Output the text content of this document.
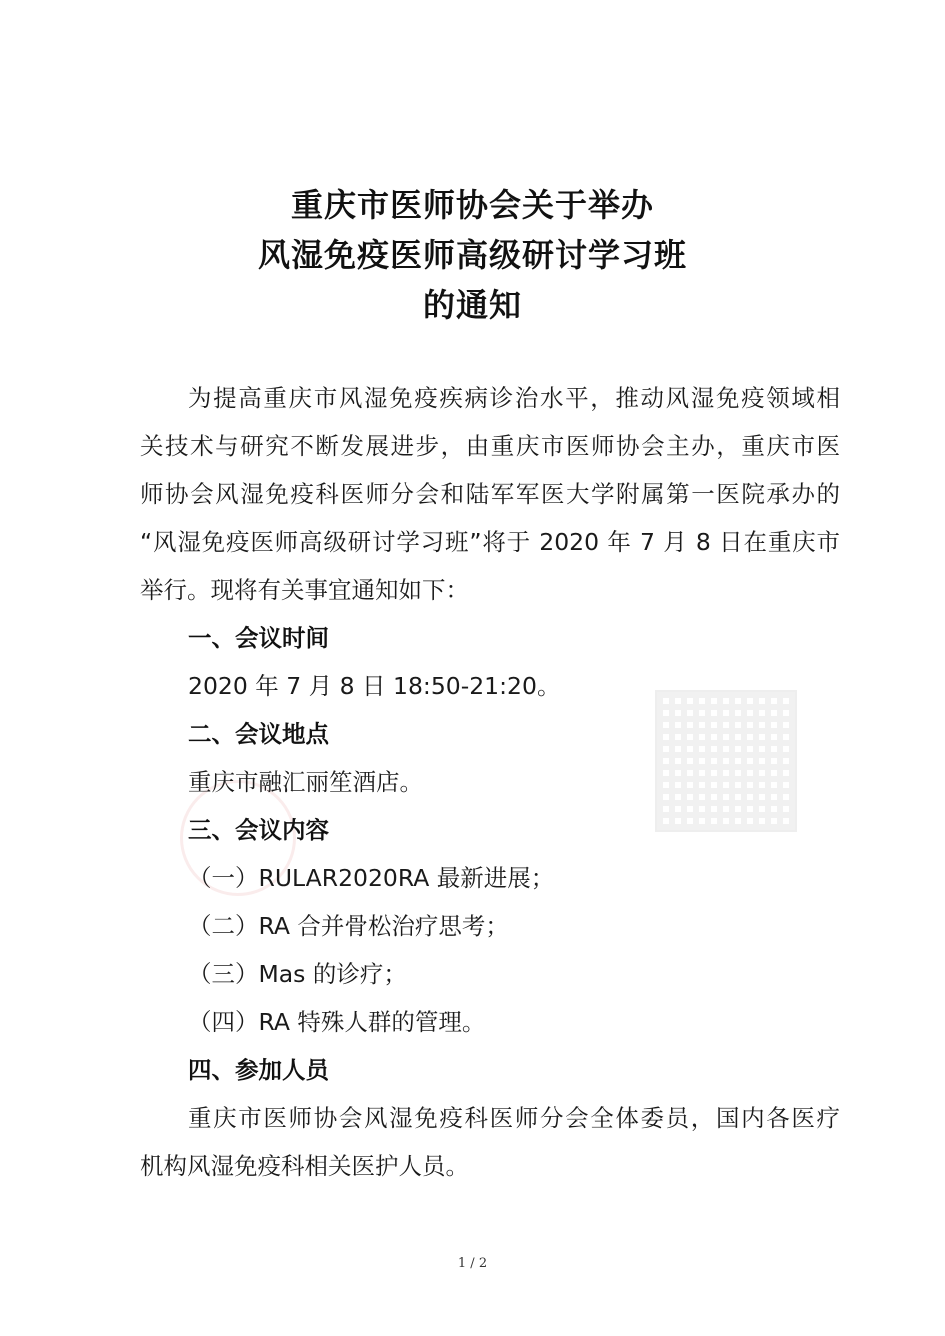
重庆市医师协会关于举办
风湿免疫医师高级研讨学习班
的通知
为提高重庆市风湿免疫疾病诊治水平，推动风湿免疫领域相
关技术与研究不断发展进步，由重庆市医师协会主办，重庆市医
师协会风湿免疫科医师分会和陆军军医大学附属第一医院承办的
“风湿免疫医师高级研讨学习班”将于 2020 年 7 月 8 日在重庆市
举行。现将有关事宜通知如下：
一、会议时间
2020 年 7 月 8 日 18:50-21:20。
二、会议地点
重庆市融汇丽笙酒店。
三、会议内容
（一）RULAR2020RA 最新进展；
（二）RA 合并骨松治疗思考；
（三）Mas 的诊疗；
（四）RA 特殊人群的管理。
四、参加人员
重庆市医师协会风湿免疫科医师分会全体委员，国内各医疗
机构风湿免疫科相关医护人员。
1 / 2
